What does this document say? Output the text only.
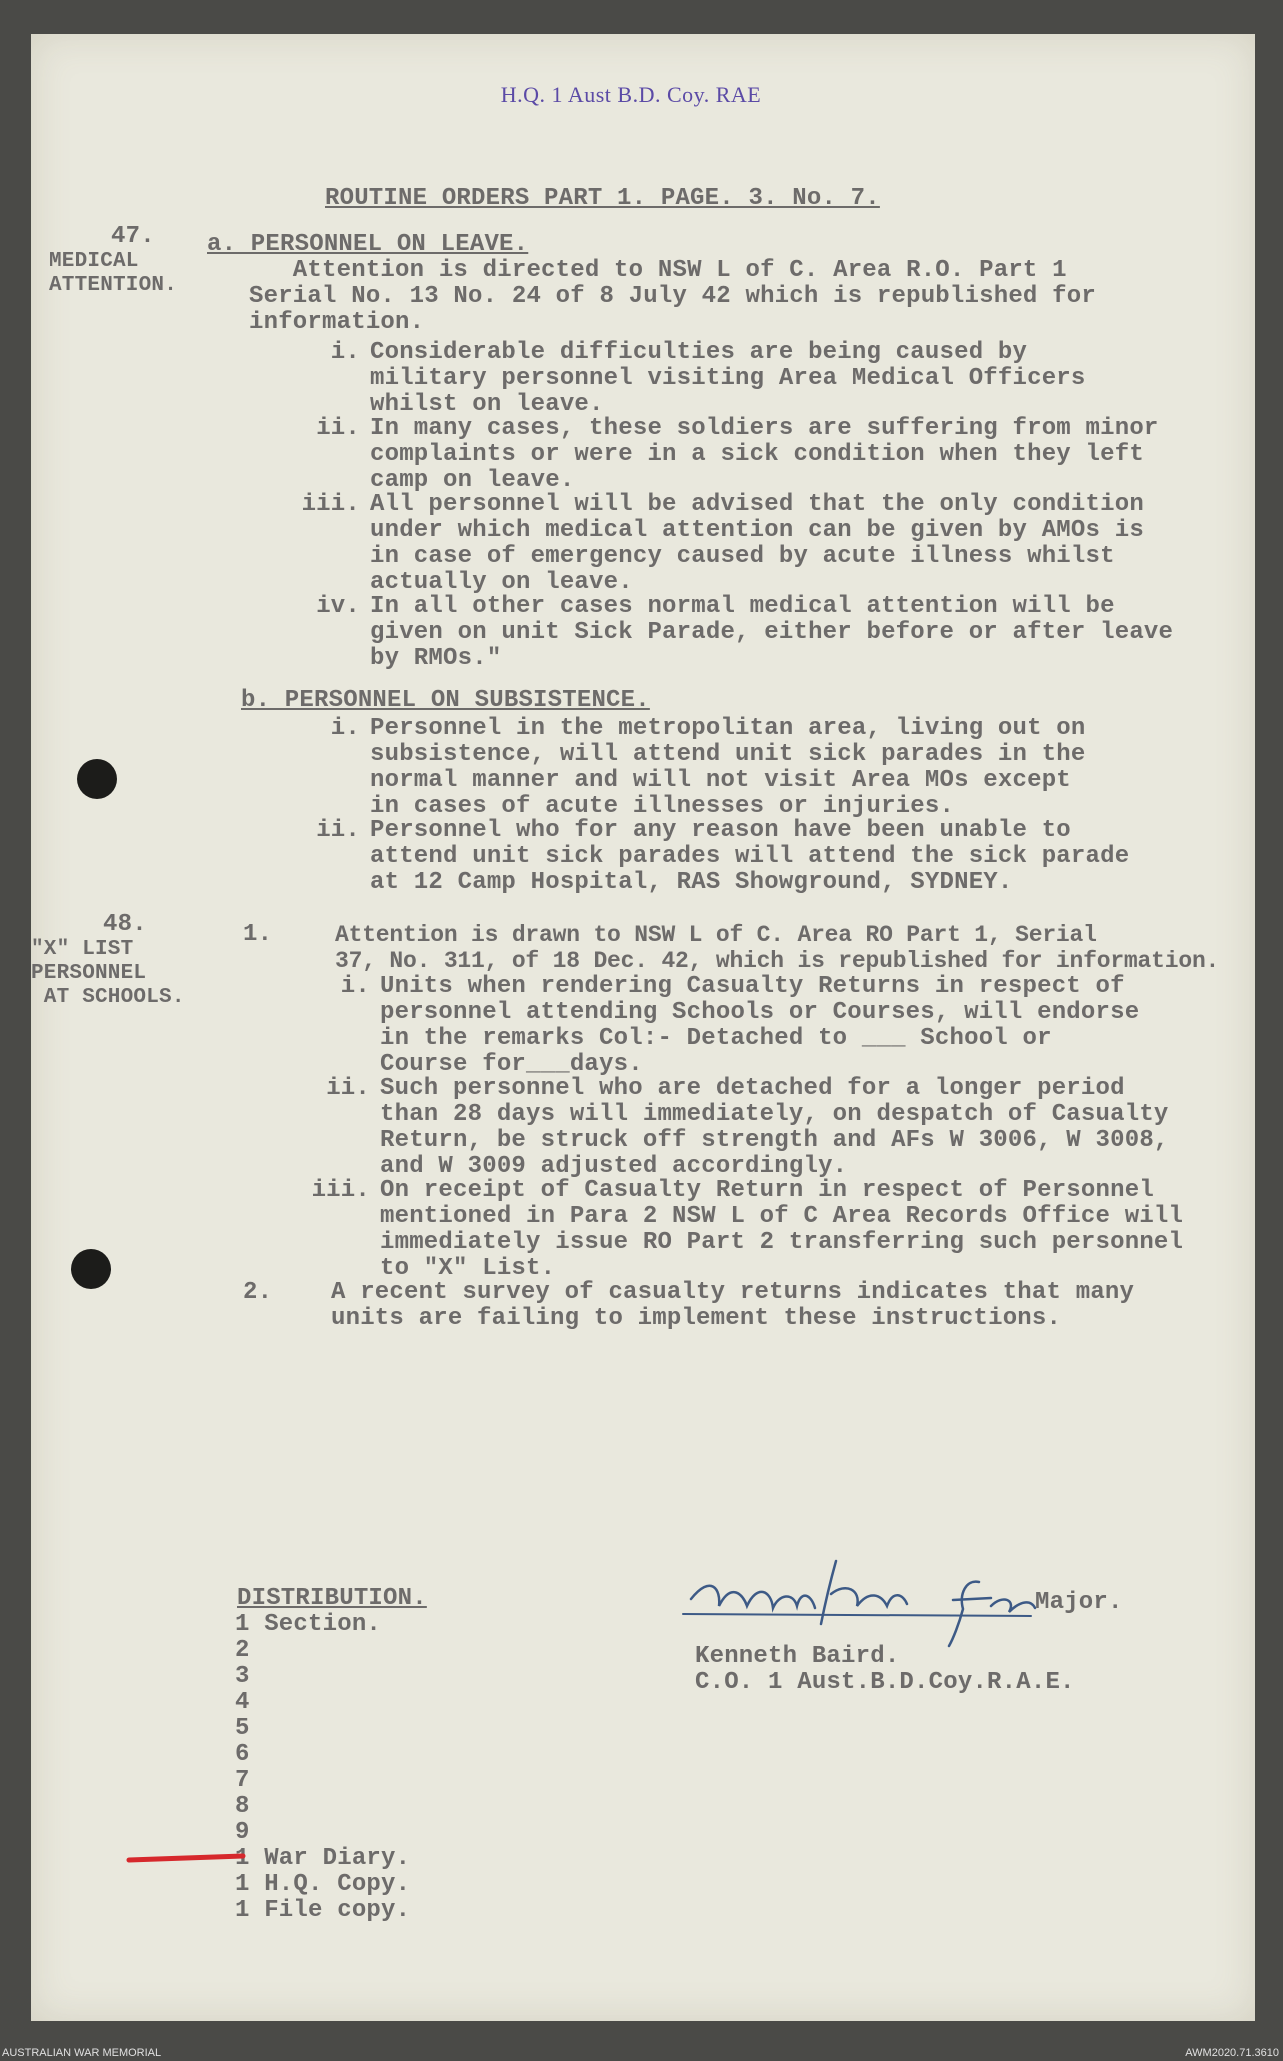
H.Q. 1 Aust B.D. Coy. RAE
ROUTINE ORDERS PART 1. PAGE. 3. No. 7.
47.
MEDICAL
ATTENTION.
a. PERSONNEL ON LEAVE.
Attention is directed to NSW L of C. Area R.O. Part 1
Serial No. 13 No. 24 of 8 July 42 which is republished for
information.
i. Considerable difficulties are being caused by
military personnel visiting Area Medical Officers
whilst on leave.
ii. In many cases, these soldiers are suffering from minor
complaints or were in a sick condition when they left
camp on leave.
iii. All personnel will be advised that the only condition
under which medical attention can be given by AMOs is
in case of emergency caused by acute illness whilst
actually on leave.
iv. In all other cases normal medical attention will be
given on unit Sick Parade, either before or after leave
by RMOs."
b. PERSONNEL ON SUBSISTENCE.
i. Personnel in the metropolitan area, living out on
subsistence, will attend unit sick parades in the
normal manner and will not visit Area MOs except
in cases of acute illnesses or injuries.
ii. Personnel who for any reason have been unable to
attend unit sick parades will attend the sick parade
at 12 Camp Hospital, RAS Showground, SYDNEY.
48.
"X" LIST
PERSONNEL
AT SCHOOLS.
1.	Attention is drawn to NSW L of C. Area RO Part 1, Serial
37, No. 311, of 18 Dec. 42, which is republished for information.
i. Units when rendering Casualty Returns in respect of
personnel attending Schools or Courses, will endorse
in the remarks Col:- Detached to ___ School or
Course for___days.
ii. Such personnel who are detached for a longer period
than 28 days will immediately, on despatch of Casualty
Return, be struck off strength and AFs W 3006, W 3008,
and W 3009 adjusted accordingly.
iii. On receipt of Casualty Return in respect of Personnel
mentioned in Para 2 NSW L of C Area Records Office will
immediately issue RO Part 2 transferring such personnel
to "X" List.
2. A recent survey of casualty returns indicates that many
units are failing to implement these instructions.
DISTRIBUTION.
1 Section.
2
3
4
5
6
7
8
9
1 War Diary.
1 H.Q. Copy.
1 File copy.
Major.
Kenneth Baird.
C.O. 1 Aust.B.D.Coy.R.A.E.
AUSTRALIAN WAR MEMORIAL	AWM2020.71.3610
